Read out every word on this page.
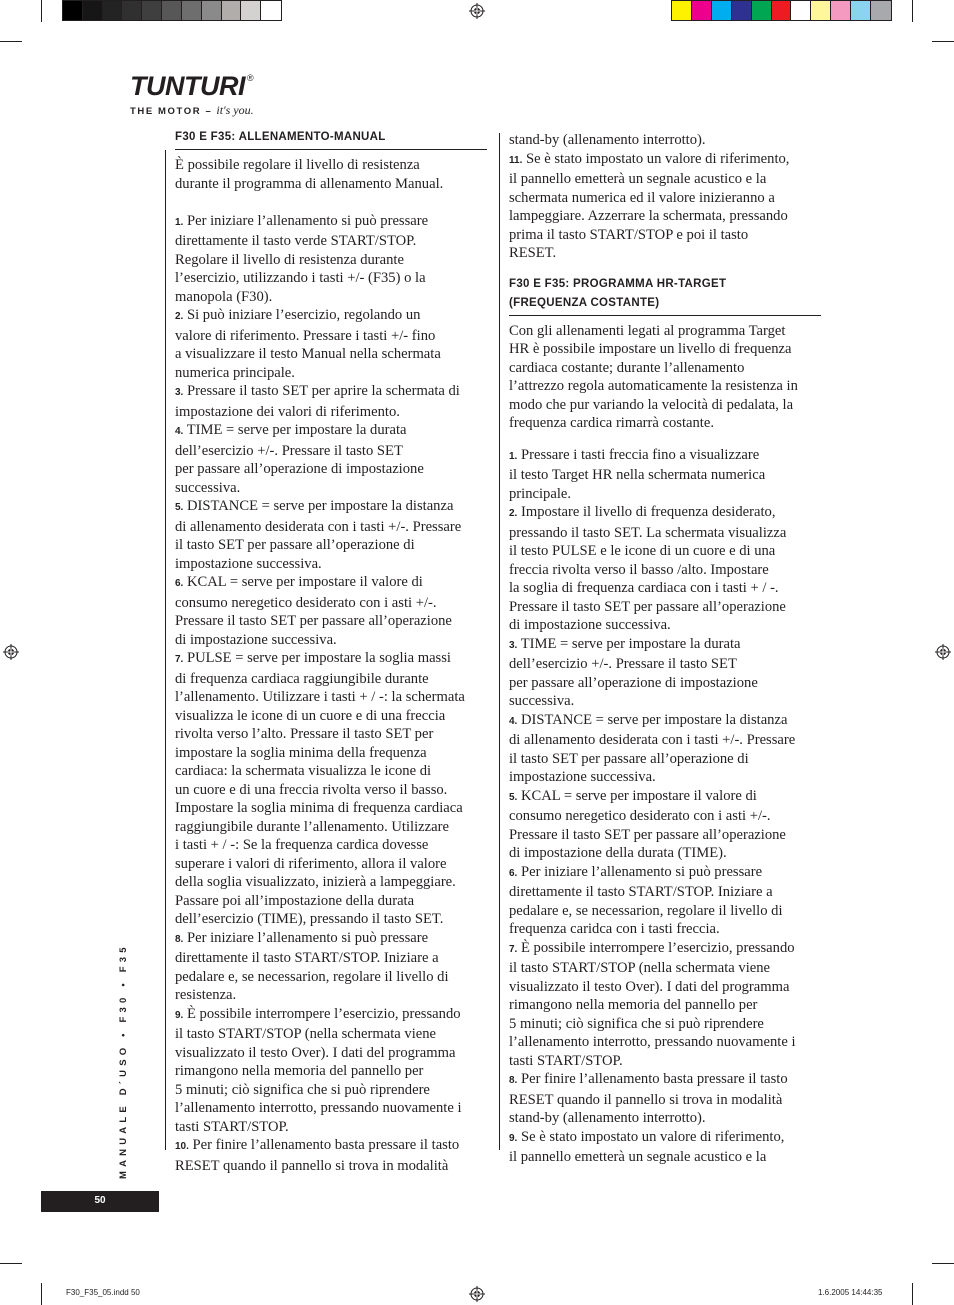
TUNTURI ®
THE MOTOR – it's you.
F30 E F35: ALLENAMENTO-MANUAL
È possibile regolare il livello di resistenza
durante il programma di allenamento Manual.
1. Per iniziare l’allenamento si può pressare
direttamente il tasto verde START/STOP.
Regolare il livello di resistenza durante
l’esercizio, utilizzando i tasti +/- (F35) o la
manopola (F30).
2. Si può iniziare l’esercizio, regolando un
valore di riferimento. Pressare i tasti +/- fino
a visualizzare il testo Manual nella schermata
numerica principale.
3. Pressare il tasto SET per aprire la schermata di
impostazione dei valori di riferimento.
4. TIME = serve per impostare la durata
dell’esercizio +/-. Pressare il tasto SET
per passare all’operazione di impostazione
successiva.
5. DISTANCE = serve per impostare la distanza
di allenamento desiderata con i tasti +/-. Pressare
il tasto SET per passare all’operazione di
impostazione successiva.
6. KCAL = serve per impostare il valore di
consumo neregetico desiderato con i asti +/-.
Pressare il tasto SET per passare all’operazione
di impostazione successiva.
7. PULSE = serve per impostare la soglia massi
di frequenza cardiaca raggiungibile durante
l’allenamento. Utilizzare i tasti + / -: la schermata
visualizza le icone di un cuore e di una freccia
rivolta verso l’alto. Pressare il tasto SET per
impostare la soglia minima della frequenza
cardiaca: la schermata visualizza le icone di
un cuore e di una freccia rivolta verso il basso.
Impostare la soglia minima di frequenza cardiaca
raggiungibile durante l’allenamento. Utilizzare
i tasti + / -: Se la frequenza cardica dovesse
superare i valori di riferimento, allora il valore
della soglia visualizzato, inizierà a lampeggiare.
Passare poi all’impostazione della durata
dell’esercizio (TIME), pressando il tasto SET.
8. Per iniziare l’allenamento si può pressare
direttamente il tasto START/STOP. Iniziare a
pedalare e, se necessarion, regolare il livello di
resistenza.
9. È possibile interrompere l’esercizio, pressando
il tasto START/STOP (nella schermata viene
visualizzato il testo Over). I dati del programma
rimangono nella memoria del pannello per
5 minuti; ciò significa che si può riprendere
l’allenamento interrotto, pressando nuovamente i
tasti START/STOP.
10. Per finire l’allenamento basta pressare il tasto
RESET quando il pannello si trova in modalità
stand-by (allenamento interrotto).
11. Se è stato impostato un valore di riferimento,
il pannello emetterà un segnale acustico e la
schermata numerica ed il valore inizieranno a
lampeggiare. Azzerrare la schermata, pressando
prima il tasto START/STOP e poi il tasto
RESET.
F30 E F35: PROGRAMMA HR-TARGET
(FREQUENZA COSTANTE)
Con gli allenamenti legati al programma Target
HR è possibile impostare un livello di frequenza
cardiaca costante; durante l’allenamento
l’attrezzo regola automaticamente la resistenza in
modo che pur variando la velocità di pedalata, la
frequenza cardica rimarrà costante.
1. Pressare i tasti freccia fino a visualizzare
il testo Target HR nella schermata numerica
principale.
2. Impostare il livello di frequenza desiderato,
pressando il tasto SET. La schermata visualizza
il testo PULSE e le icone di un cuore e di una
freccia rivolta verso il basso /alto. Impostare
la soglia di frequenza cardiaca con i tasti + / -.
Pressare il tasto SET per passare all’operazione
di impostazione successiva.
3. TIME = serve per impostare la durata
dell’esercizio +/-. Pressare il tasto SET
per passare all’operazione di impostazione
successiva.
4. DISTANCE = serve per impostare la distanza
di allenamento desiderata con i tasti +/-. Pressare
il tasto SET per passare all’operazione di
impostazione successiva.
5. KCAL = serve per impostare il valore di
consumo neregetico desiderato con i asti +/-.
Pressare il tasto SET per passare all’operazione
di impostazione della durata (TIME).
6. Per iniziare l’allenamento si può pressare
direttamente il tasto START/STOP. Iniziare a
pedalare e, se necessarion, regolare il livello di
frequenza caridca con i tasti freccia.
7. È possibile interrompere l’esercizio, pressando
il tasto START/STOP (nella schermata viene
visualizzato il testo Over). I dati del programma
rimangono nella memoria del pannello per
5 minuti; ciò significa che si può riprendere
l’allenamento interrotto, pressando nuovamente i
tasti START/STOP.
8. Per finire l’allenamento basta pressare il tasto
RESET quando il pannello si trova in modalità
stand-by (allenamento interrotto).
9. Se è stato impostato un valore di riferimento,
il pannello emetterà un segnale acustico e la
MANUALE D´USO • F30 • F35
50
F30_F35_05.indd 50	1.6.2005 14:44:35
